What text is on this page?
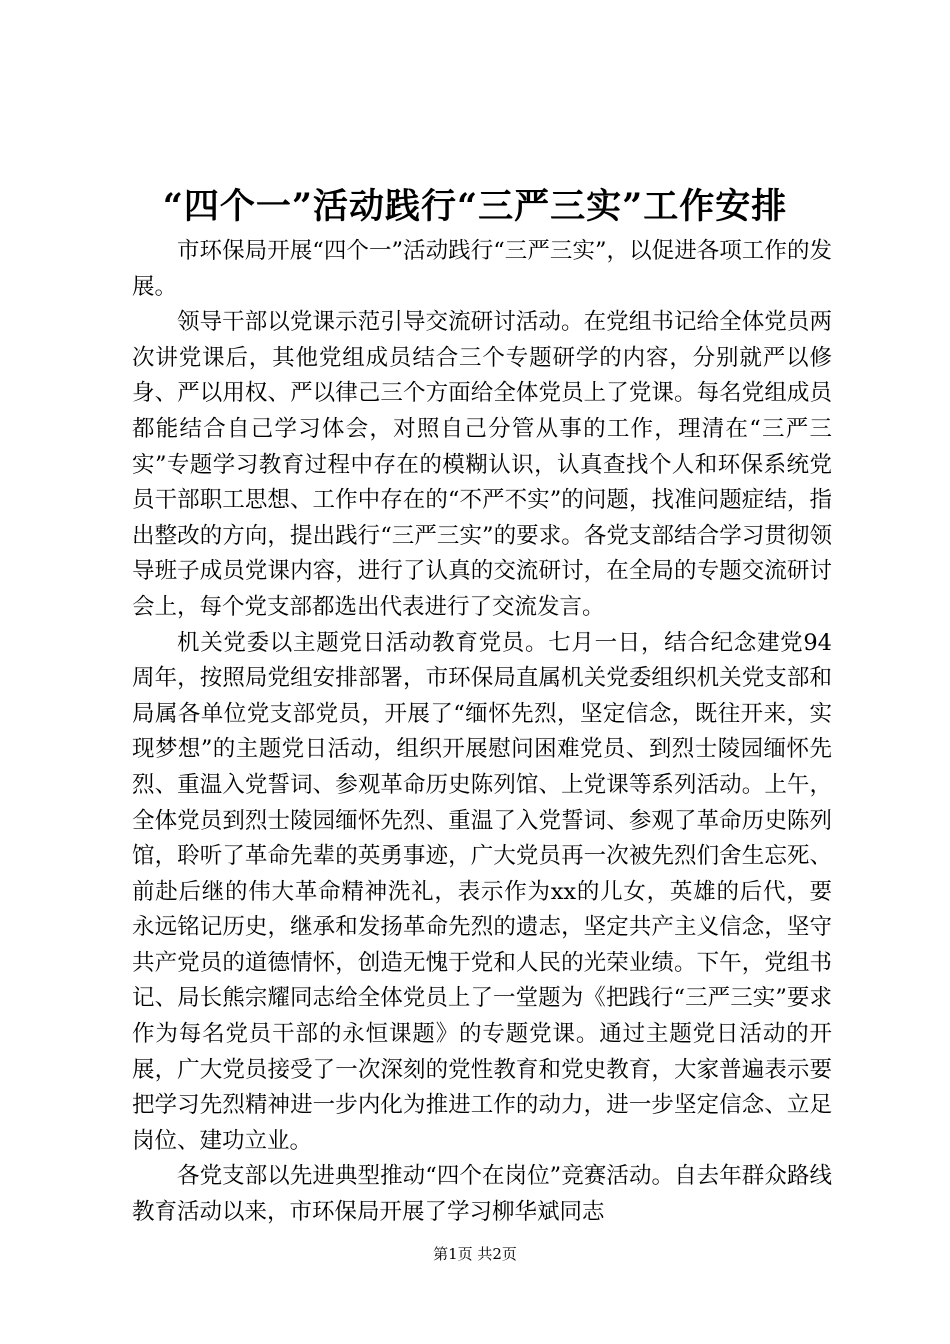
“四个一”活动践行“三严三实”工作安排

市环保局开展“四个一”活动践行“三严三实”，以促进各项工作的发展。

领导干部以党课示范引导交流研讨活动。在党组书记给全体党员两次讲党课后，其他党组成员结合三个专题研学的内容，分别就严以修身、严以用权、严以律己三个方面给全体党员上了党课。每名党组成员都能结合自己学习体会，对照自己分管从事的工作，理清在“三严三实”专题学习教育过程中存在的模糊认识，认真查找个人和环保系统党员干部职工思想、工作中存在的“不严不实”的问题，找准问题症结，指出整改的方向，提出践行“三严三实”的要求。各党支部结合学习贯彻领导班子成员党课内容，进行了认真的交流研讨，在全局的专题交流研讨会上，每个党支部都选出代表进行了交流发言。

机关党委以主题党日活动教育党员。七月一日，结合纪念建党94周年，按照局党组安排部署，市环保局直属机关党委组织机关党支部和局属各单位党支部党员，开展了“缅怀先烈，坚定信念，既往开来，实现梦想”的主题党日活动，组织开展慰问困难党员、到烈士陵园缅怀先烈、重温入党誓词、参观革命历史陈列馆、上党课等系列活动。上午，全体党员到烈士陵园缅怀先烈、重温了入党誓词、参观了革命历史陈列馆，聆听了革命先辈的英勇事迹，广大党员再一次被先烈们舍生忘死、前赴后继的伟大革命精神洗礼，表示作为xx的儿女，英雄的后代，要永远铭记历史，继承和发扬革命先烈的遗志，坚定共产主义信念，坚守共产党员的道德情怀，创造无愧于党和人民的光荣业绩。下午，党组书记、局长熊宗耀同志给全体党员上了一堂题为《把践行“三严三实”要求作为每名党员干部的永恒课题》的专题党课。通过主题党日活动的开展，广大党员接受了一次深刻的党性教育和党史教育，大家普遍表示要把学习先烈精神进一步内化为推进工作的动力，进一步坚定信念、立足岗位、建功立业。

各党支部以先进典型推动“四个在岗位”竞赛活动。自去年群众路线教育活动以来，市环保局开展了学习柳华斌同志

第1页 共2页
